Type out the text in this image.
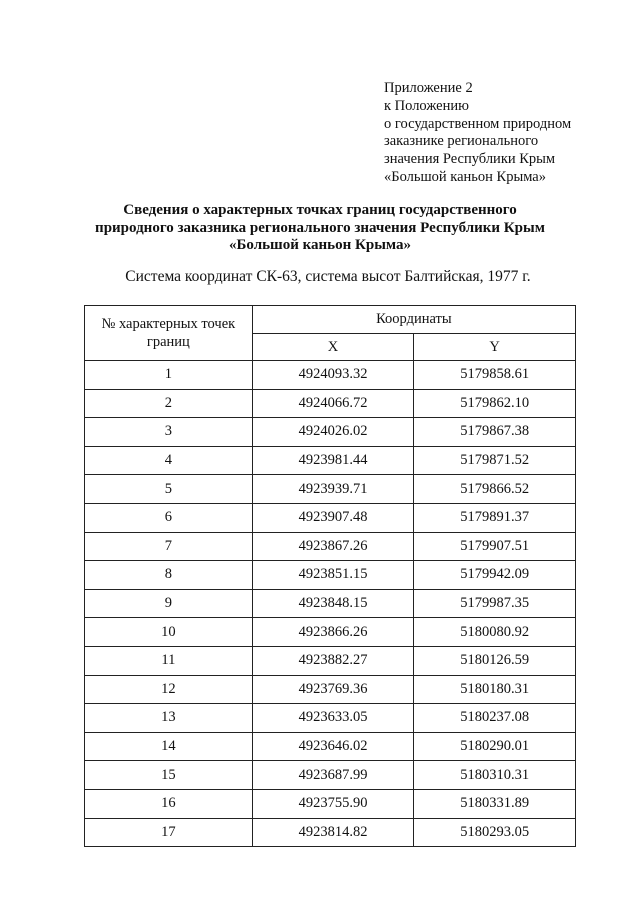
Приложение 2
к Положению
о государственном природном
заказнике регионального
значения Республики Крым
«Большой каньон Крыма»
Сведения о характерных точках границ государственного
природного заказника регионального значения Республики Крым
«Большой каньон Крыма»
Система координат СК-63, система высот Балтийская, 1977 г.
№ характерных точек границ	Координаты	
	X	Y
1	4924093.32	5179858.61
2	4924066.72	5179862.10
3	4924026.02	5179867.38
4	4923981.44	5179871.52
5	4923939.71	5179866.52
6	4923907.48	5179891.37
7	4923867.26	5179907.51
8	4923851.15	5179942.09
9	4923848.15	5179987.35
10	4923866.26	5180080.92
11	4923882.27	5180126.59
12	4923769.36	5180180.31
13	4923633.05	5180237.08
14	4923646.02	5180290.01
15	4923687.99	5180310.31
16	4923755.90	5180331.89
17	4923814.82	5180293.05
